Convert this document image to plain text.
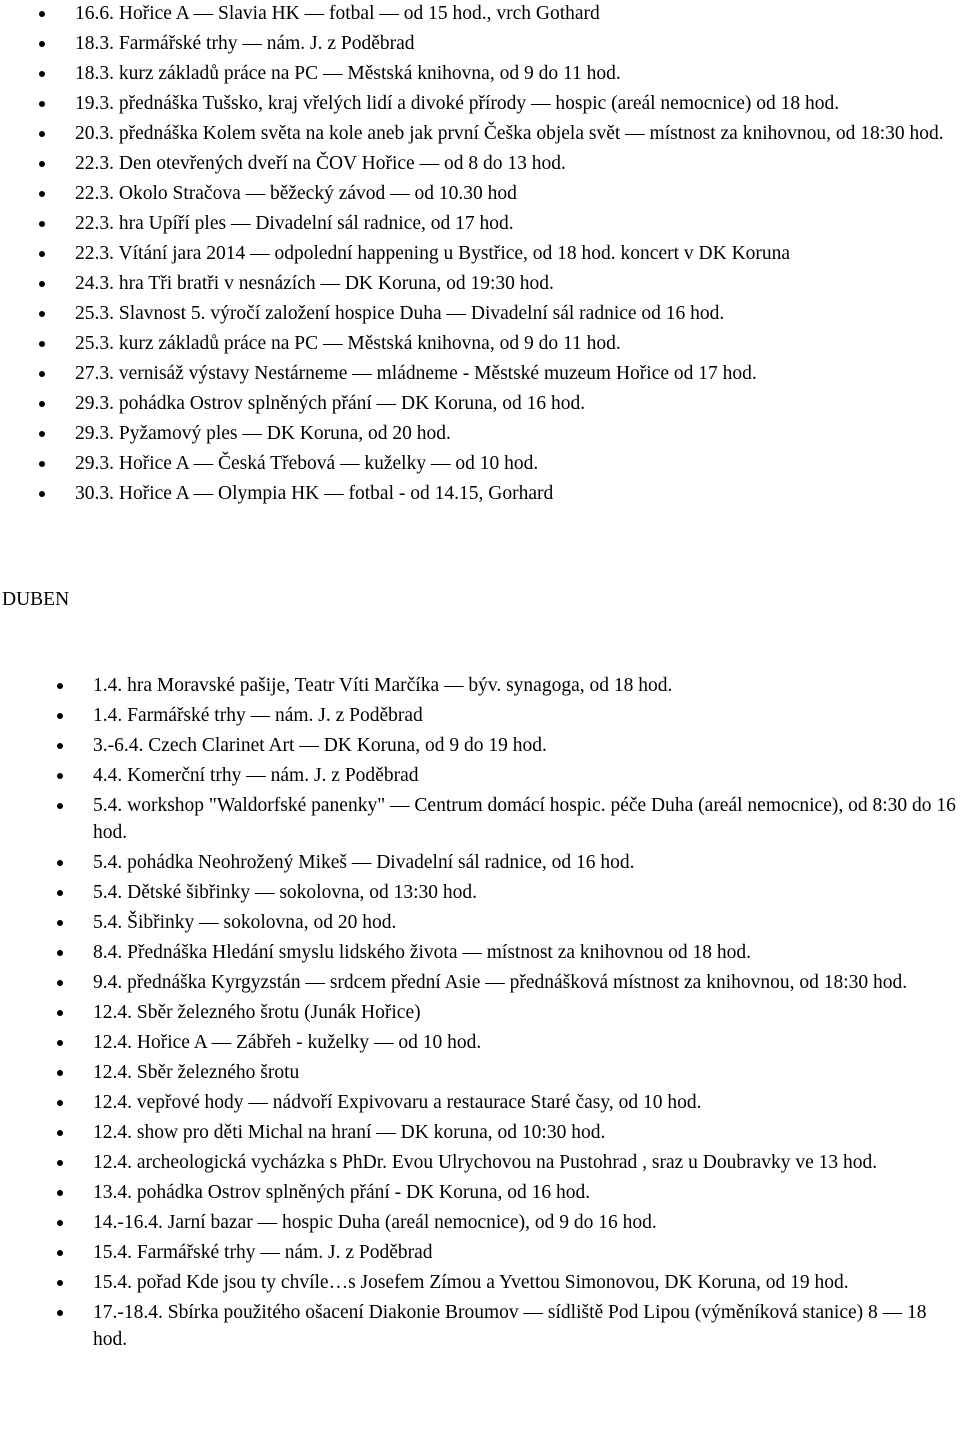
16.6. Hořice A — Slavia HK — fotbal — od 15 hod., vrch Gothard
18.3. Farmářské trhy — nám. J. z Poděbrad
18.3. kurz základů práce na PC — Městská knihovna, od 9 do 11 hod.
19.3. přednáška Tušsko, kraj vřelých lidí a divoké přírody — hospic (areál nemocnice) od 18 hod.
20.3. přednáška Kolem světa na kole aneb jak první Češka objela svět — místnost za knihovnou, od 18:30 hod.
22.3. Den otevřených dveří na ČOV Hořice — od 8 do 13 hod.
22.3. Okolo Stračova — běžecký závod — od 10.30 hod
22.3. hra Upíří ples — Divadelní sál radnice, od 17 hod.
22.3. Vítání jara 2014 — odpolední happening u Bystřice, od 18 hod. koncert v DK Koruna
24.3. hra Tři bratři v nesnázích — DK Koruna, od 19:30 hod.
25.3. Slavnost 5. výročí založení hospice Duha — Divadelní sál radnice od 16 hod.
25.3. kurz základů práce na PC — Městská knihovna, od 9 do 11 hod.
27.3. vernisáž výstavy Nestárneme — mládneme - Městské muzeum Hořice od 17 hod.
29.3. pohádka Ostrov splněných přání — DK Koruna, od 16 hod.
29.3. Pyžamový ples — DK Koruna, od 20 hod.
29.3. Hořice A — Česká Třebová — kuželky — od 10 hod.
30.3. Hořice A — Olympia HK — fotbal - od 14.15, Gorhard
DUBEN
1.4. hra Moravské pašije, Teatr Víti Marčíka — býv. synagoga, od 18 hod.
1.4. Farmářské trhy — nám. J. z Poděbrad
3.-6.4. Czech Clarinet Art — DK Koruna, od 9 do 19 hod.
4.4. Komerční trhy — nám. J. z Poděbrad
5.4. workshop "Waldorfské panenky" — Centrum domácí hospic. péče Duha (areál nemocnice), od 8:30 do 16 hod.
5.4. pohádka Neohrožený Mikeš — Divadelní sál radnice, od 16 hod.
5.4. Dětské šibřinky — sokolovna, od 13:30 hod.
5.4. Šibřinky — sokolovna, od 20 hod.
8.4. Přednáška Hledání smyslu lidského života — místnost za knihovnou od 18 hod.
9.4. přednáška Kyrgyzstán — srdcem přední Asie — přednášková místnost za knihovnou, od 18:30 hod.
12.4. Sběr železného šrotu (Junák Hořice)
12.4. Hořice A — Zábřeh - kuželky — od 10 hod.
12.4. Sběr železného šrotu
12.4. vepřové hody — nádvoří Expivovaru a restaurace Staré časy, od 10 hod.
12.4. show pro děti Michal na hraní — DK koruna, od 10:30 hod.
12.4. archeologická vycházka s PhDr. Evou Ulrychovou na Pustohrad , sraz u Doubravky ve 13 hod.
13.4. pohádka Ostrov splněných přání - DK Koruna, od 16 hod.
14.-16.4. Jarní bazar — hospic Duha (areál nemocnice), od 9 do 16 hod.
15.4. Farmářské trhy — nám. J. z Poděbrad
15.4. pořad Kde jsou ty chvíle…s Josefem Zímou a Yvettou Simonovou, DK Koruna, od 19 hod.
17.-18.4. Sbírka použitého ošacení Diakonie Broumov — sídliště Pod Lipou (výměníková stanice) 8 — 18 hod.
